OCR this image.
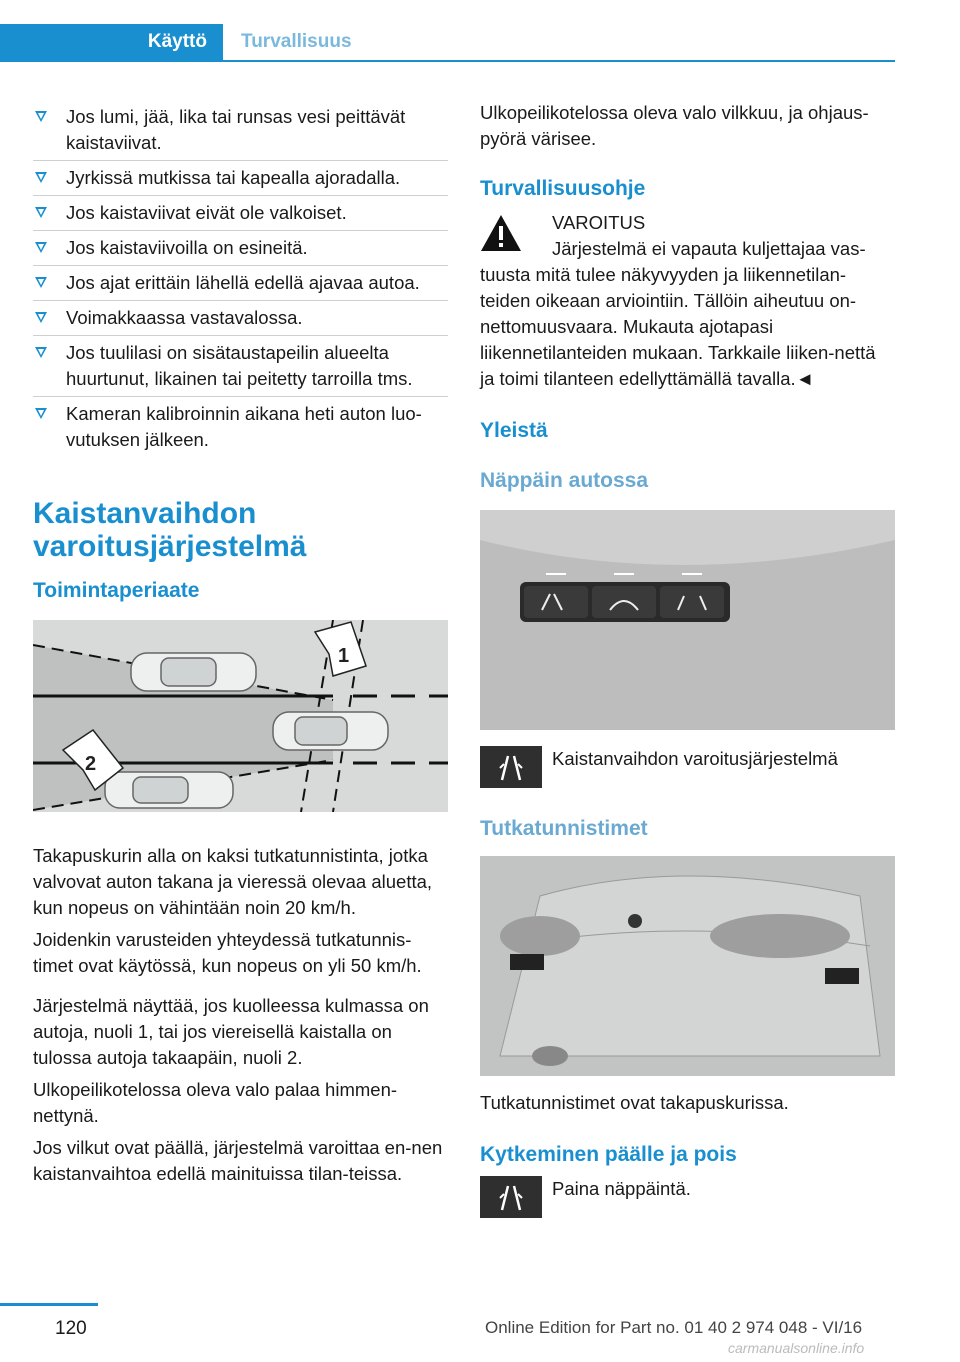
Käyttö	Turvallisuus
Jos lumi, jää, lika tai runsas vesi peittävät kaistaviivat.
Jyrkissä mutkissa tai kapealla ajoradalla.
Jos kaistaviivat eivät ole valkoiset.
Jos kaistaviivoilla on esineitä.
Jos ajat erittäin lähellä edellä ajavaa autoa.
Voimakkaassa vastavalossa.
Jos tuulilasi on sisätaustapeilin alueelta huurtunut, likainen tai peitetty tarroilla tms.
Kameran kalibroinnin aikana heti auton luo-vutuksen jälkeen.
Kaistanvaihdon varoitusjärjestelmä
Toimintaperiaate
1
2

Takapuskurin alla on kaksi tutkatunnistinta, jotka valvovat auton takana ja vieressä olevaa aluetta, kun nopeus on vähintään noin 20 km/h.

Joidenkin varusteiden yhteydessä tutkatunnis-timet ovat käytössä, kun nopeus on yli 50 km/h.

Järjestelmä näyttää, jos kuolleessa kulmassa on autoja, nuoli 1, tai jos viereisellä kaistalla on tulossa autoja takaapäin, nuoli 2.

Ulkopeilikotelossa oleva valo palaa himmen-nettynä.

Jos vilkut ovat päällä, järjestelmä varoittaa en-nen kaistanvaihtoa edellä mainituissa tilan-teissa.

Ulkopeilikotelossa oleva valo vilkkuu, ja ohjaus-pyörä värisee.

Turvallisuusohje

VAROITUS

Järjestelmä ei vapauta kuljettajaa vas-tuusta mitä tulee näkyvyyden ja liikennetilan-teiden oikeaan arviointiin. Tällöin aiheutuu on-nettomuusvaara. Mukauta ajotapasi liikennetilanteiden mukaan. Tarkkaile liiken-nettä ja toimi tilanteen edellyttämällä tavalla.◄

Yleistä
Näppäin autossa

Kaistanvaihdon varoitusjärjestelmä

Tutkatunnistimet

Tutkatunnistimet ovat takapuskurissa.

Kytkeminen päälle ja pois

Paina näppäintä.

120	Online Edition for Part no. 01 40 2 974 048 - VI/16
carmanualsonline.info
